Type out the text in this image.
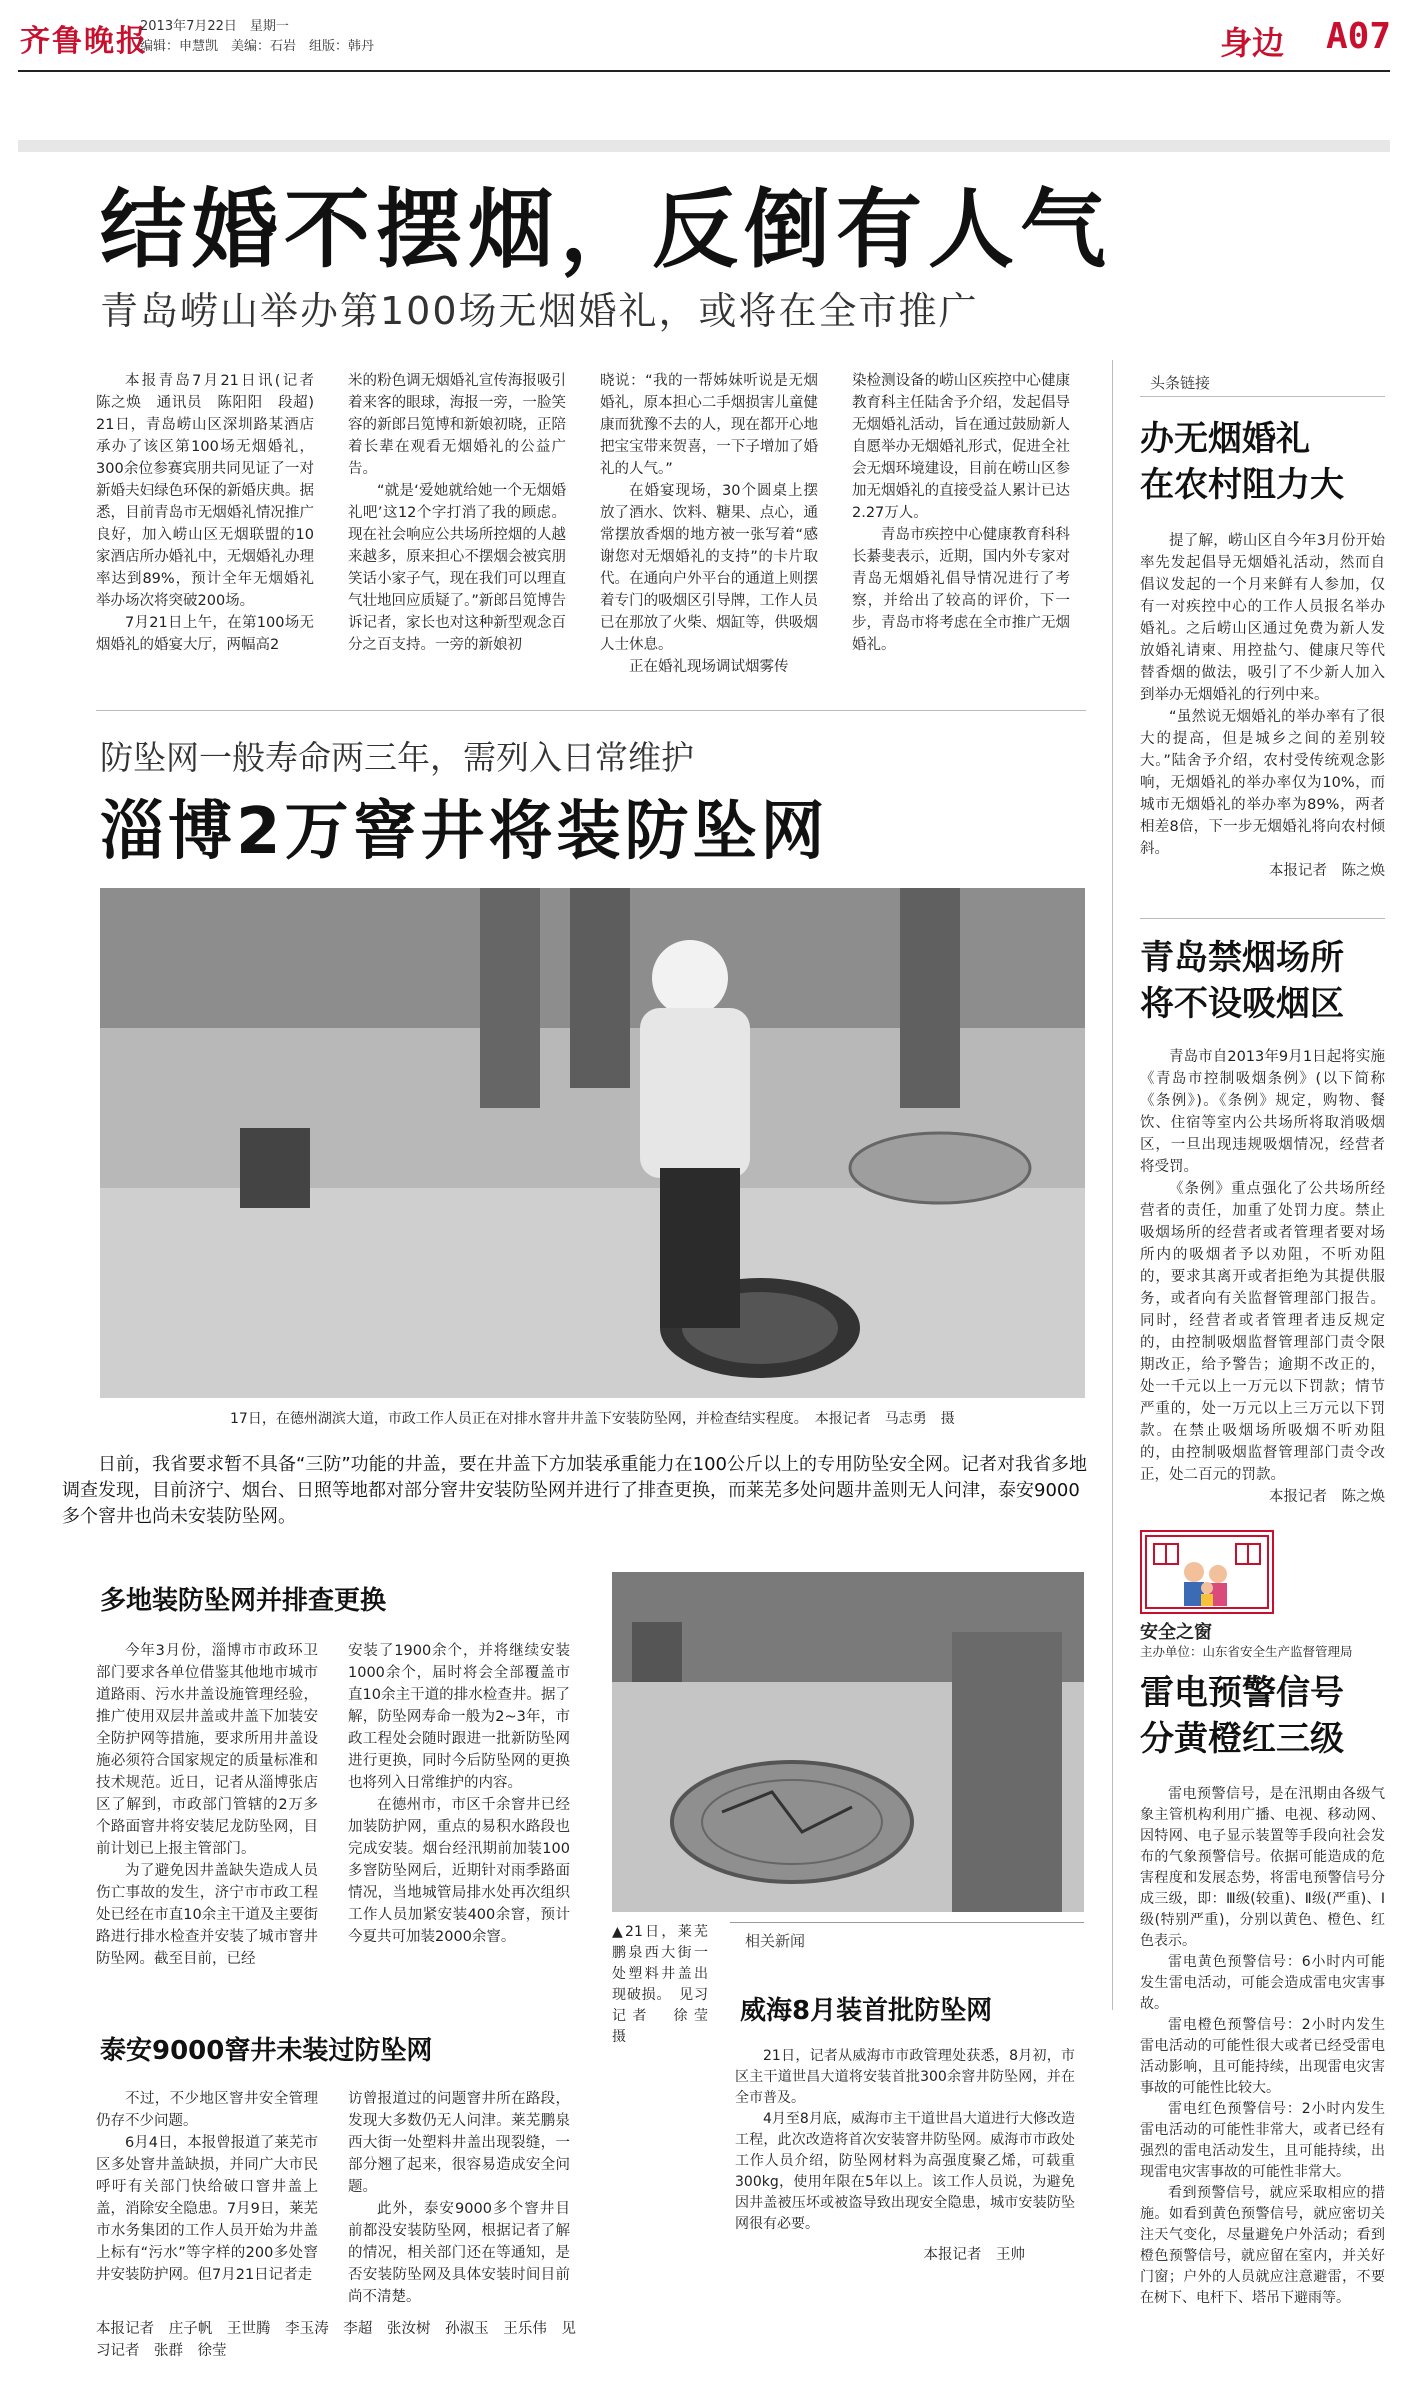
齐鲁晚报
2013年7月22日　星期一
编辑：申慧凯　美编：石岩　组版：韩丹	身边 A07
结婚不摆烟，反倒有人气
青岛崂山举办第100场无烟婚礼，或将在全市推广

本报青岛7月21日讯(记者　陈之焕　通讯员　陈阳阳　段超)　21日，青岛崂山区深圳路某酒店承办了该区第100场无烟婚礼，300余位参赛宾朋共同见证了一对新婚夫妇绿色环保的新婚庆典。据悉，目前青岛市无烟婚礼情况推广良好，加入崂山区无烟联盟的10家酒店所办婚礼中，无烟婚礼办理率达到89%，预计全年无烟婚礼举办场次将突破200场。

7月21日上午，在第100场无烟婚礼的婚宴大厅，两幅高2

米的粉色调无烟婚礼宣传海报吸引着来客的眼球，海报一旁，一脸笑容的新郎吕笕博和新娘初晓，正陪着长辈在观看无烟婚礼的公益广告。

“就是‘爱她就给她一个无烟婚礼吧’这12个字打消了我的顾虑。现在社会响应公共场所控烟的人越来越多，原来担心不摆烟会被宾朋笑话小家子气，现在我们可以理直气壮地回应质疑了。”新郎吕笕博告诉记者，家长也对这种新型观念百分之百支持。一旁的新娘初

晓说：“我的一帮姊妹听说是无烟婚礼，原本担心二手烟损害儿童健康而犹豫不去的人，现在都开心地把宝宝带来贺喜，一下子增加了婚礼的人气。”

在婚宴现场，30个圆桌上摆放了酒水、饮料、糖果、点心，通常摆放香烟的地方被一张写着“感谢您对无烟婚礼的支持”的卡片取代。在通向户外平台的通道上则摆着专门的吸烟区引导牌，工作人员已在那放了火柴、烟缸等，供吸烟人士休息。

正在婚礼现场调试烟雾传

染检测设备的崂山区疾控中心健康教育科主任陆舍予介绍，发起倡导无烟婚礼活动，旨在通过鼓励新人自愿举办无烟婚礼形式，促进全社会无烟环境建设，目前在崂山区参加无烟婚礼的直接受益人累计已达2.27万人。

青岛市疾控中心健康教育科科长綦斐表示，近期，国内外专家对青岛无烟婚礼倡导情况进行了考察，并给出了较高的评价，下一步，青岛市将考虑在全市推广无烟婚礼。

头条链接
办无烟婚礼
在农村阻力大

提了解，崂山区自今年3月份开始率先发起倡导无烟婚礼活动，然而自倡议发起的一个月来鲜有人参加，仅有一对疾控中心的工作人员报名举办婚礼。之后崂山区通过免费为新人发放婚礼请柬、用控盐勺、健康尺等代替香烟的做法，吸引了不少新人加入到举办无烟婚礼的行列中来。

“虽然说无烟婚礼的举办率有了很大的提高，但是城乡之间的差别较大。”陆舍予介绍，农村受传统观念影响，无烟婚礼的举办率仅为10%，而城市无烟婚礼的举办率为89%，两者相差8倍，下一步无烟婚礼将向农村倾斜。

本报记者　陈之焕
青岛禁烟场所
将不设吸烟区

青岛市自2013年9月1日起将实施《青岛市控制吸烟条例》(以下简称《条例》)。《条例》规定，购物、餐饮、住宿等室内公共场所将取消吸烟区，一旦出现违规吸烟情况，经营者将受罚。

《条例》重点强化了公共场所经营者的责任，加重了处罚力度。禁止吸烟场所的经营者或者管理者要对场所内的吸烟者予以劝阻，不听劝阻的，要求其离开或者拒绝为其提供服务，或者向有关监督管理部门报告。同时，经营者或者管理者违反规定的，由控制吸烟监督管理部门责令限期改正，给予警告；逾期不改正的，处一千元以上一万元以下罚款；情节严重的，处一万元以上三万元以下罚款。在禁止吸烟场所吸烟不听劝阻的，由控制吸烟监督管理部门责令改正，处二百元的罚款。

本报记者　陈之焕
安全之窗
主办单位：山东省安全生产监督管理局
雷电预警信号
分黄橙红三级

雷电预警信号，是在汛期由各级气象主管机构利用广播、电视、移动网、因特网、电子显示装置等手段向社会发布的气象预警信号。依据可能造成的危害程度和发展态势，将雷电预警信号分成三级，即：Ⅲ级(较重)、Ⅱ级(严重)、Ⅰ级(特别严重)，分别以黄色、橙色、红色表示。

雷电黄色预警信号：6小时内可能发生雷电活动，可能会造成雷电灾害事故。

雷电橙色预警信号：2小时内发生雷电活动的可能性很大或者已经受雷电活动影响，且可能持续，出现雷电灾害事故的可能性比较大。

雷电红色预警信号：2小时内发生雷电活动的可能性非常大，或者已经有强烈的雷电活动发生，且可能持续，出现雷电灾害事故的可能性非常大。

看到预警信号，就应采取相应的措施。如看到黄色预警信号，就应密切关注天气变化，尽量避免户外活动；看到橙色预警信号，就应留在室内，并关好门窗；户外的人员就应注意避雷，不要在树下、电杆下、塔吊下避雨等。

防坠网一般寿命两三年，需列入日常维护
淄博2万窨井将装防坠网
17日，在德州湖滨大道，市政工作人员正在对排水窨井井盖下安装防坠网，并检查结实程度。　本报记者　马志勇　摄
日前，我省要求暂不具备“三防”功能的井盖，要在井盖下方加装承重能力在100公斤以上的专用防坠安全网。记者对我省多地调查发现，目前济宁、烟台、日照等地都对部分窨井安装防坠网并进行了排查更换，而莱芜多处问题井盖则无人问津，泰安9000多个窨井也尚未安装防坠网。
多地装防坠网并排查更换

今年3月份，淄博市市政环卫部门要求各单位借鉴其他地市城市道路雨、污水井盖设施管理经验，推广使用双层井盖或井盖下加装安全防护网等措施，要求所用井盖设施必须符合国家规定的质量标准和技术规范。近日，记者从淄博张店区了解到，市政部门管辖的2万多个路面窨井将安装尼龙防坠网，目前计划已上报主管部门。

为了避免因井盖缺失造成人员伤亡事故的发生，济宁市市政工程处已经在市直10余主干道及主要街路进行排水检查并安装了城市窨井防坠网。截至目前，已经

安装了1900余个，并将继续安装1000余个，届时将会全部覆盖市直10余主干道的排水检查井。据了解，防坠网寿命一般为2~3年，市政工程处会随时跟进一批新防坠网进行更换，同时今后防坠网的更换也将列入日常维护的内容。

在德州市，市区千余窨井已经加装防护网，重点的易积水路段也完成安装。烟台经汛期前加装100多窨防坠网后，近期针对雨季路面情况，当地城管局排水处再次组织工作人员加紧安装400余窨，预计今夏共可加装2000余窨。

泰安9000窨井未装过防坠网

不过，不少地区窨井安全管理仍存不少问题。

6月4日，本报曾报道了莱芜市区多处窨井盖缺损，并同广大市民呼吁有关部门快给破口窨井盖上盖，消除安全隐患。7月9日，莱芜市水务集团的工作人员开始为井盖上标有“污水”等字样的200多处窨井安装防护网。但7月21日记者走

访曾报道过的问题窨井所在路段，发现大多数仍无人问津。莱芜鹏泉西大街一处塑料井盖出现裂缝，一部分翘了起来，很容易造成安全问题。

此外，泰安9000多个窨井目前都没安装防坠网，根据记者了解的情况，相关部门还在等通知，是否安装防坠网及具体安装时间目前尚不清楚。

本报记者　庄子帆　王世腾　李玉涛　李超　张汝树　孙淑玉　王乐伟　见习记者　张群　徐莹
▲21日，莱芜鹏泉西大街一处塑料井盖出现破损。　见习记者　徐莹　摄
相关新闻
威海8月装首批防坠网

21日，记者从威海市市政管理处获悉，8月初，市区主干道世昌大道将安装首批300余窨井防坠网，并在全市普及。

4月至8月底，威海市主干道世昌大道进行大修改造工程，此次改造将首次安装窨井防坠网。威海市市政处工作人员介绍，防坠网材料为高强度聚乙烯，可载重300kg，使用年限在5年以上。该工作人员说，为避免因井盖被压坏或被盗导致出现安全隐患，城市安装防坠网很有必要。

本报记者　王帅
